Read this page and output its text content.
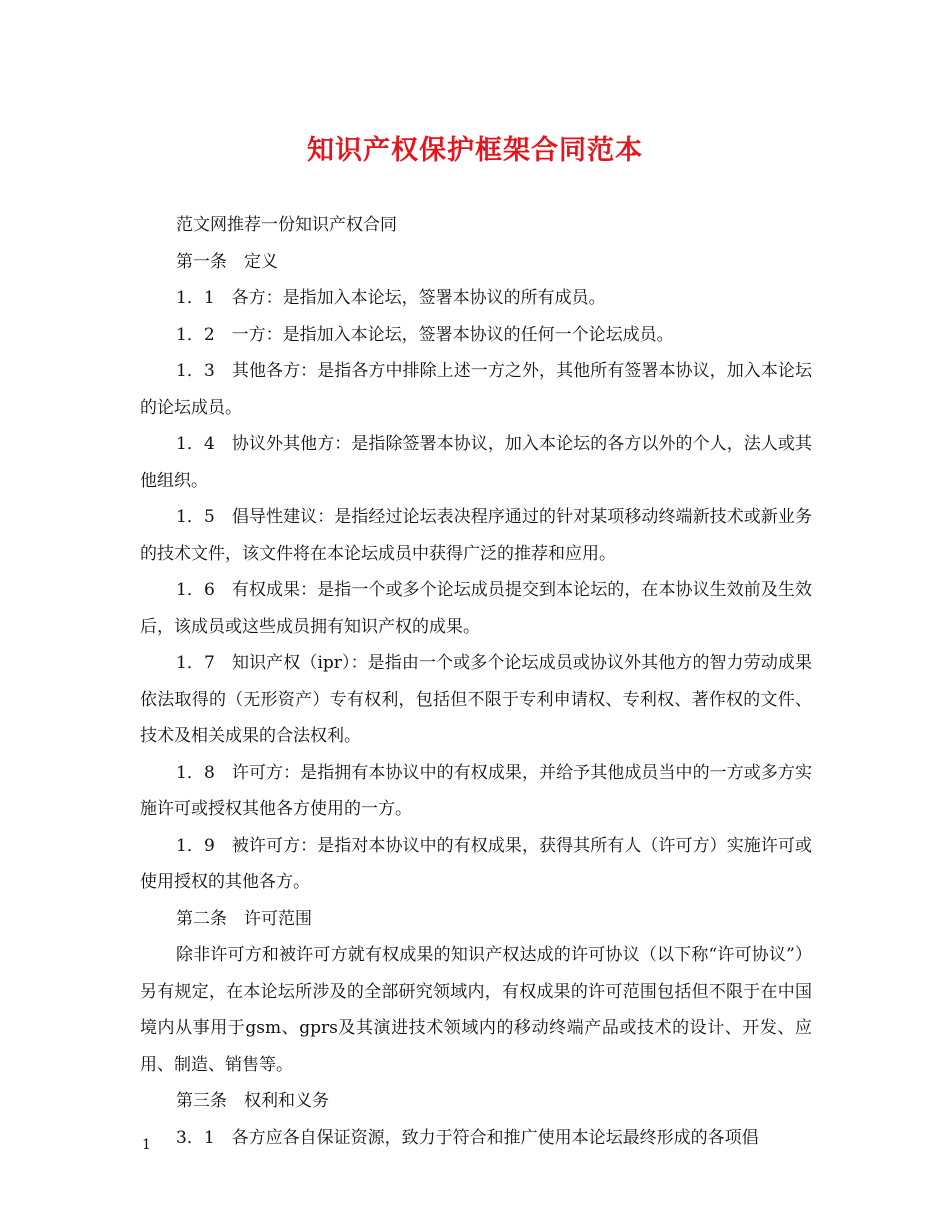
知识产权保护框架合同范本

范文网推荐一份知识产权合同

第一条　定义

1．1　各方：是指加入本论坛，签署本协议的所有成员。

1．2　一方：是指加入本论坛，签署本协议的任何一个论坛成员。

1．3　其他各方：是指各方中排除上述一方之外，其他所有签署本协议，加入本论坛的论坛成员。

1．4　协议外其他方：是指除签署本协议，加入本论坛的各方以外的个人，法人或其他组织。

1．5　倡导性建议：是指经过论坛表决程序通过的针对某项移动终端新技术或新业务的技术文件，该文件将在本论坛成员中获得广泛的推荐和应用。

1．6　有权成果：是指一个或多个论坛成员提交到本论坛的，在本协议生效前及生效后，该成员或这些成员拥有知识产权的成果。

1．7　知识产权（ipr）：是指由一个或多个论坛成员或协议外其他方的智力劳动成果依法取得的（无形资产）专有权利，包括但不限于专利申请权、专利权、著作权的文件、技术及相关成果的合法权利。

1．8　许可方：是指拥有本协议中的有权成果，并给予其他成员当中的一方或多方实施许可或授权其他各方使用的一方。

1．9　被许可方：是指对本协议中的有权成果，获得其所有人（许可方）实施许可或使用授权的其他各方。

第二条　许可范围

除非许可方和被许可方就有权成果的知识产权达成的许可协议（以下称“许可协议”）另有规定，在本论坛所涉及的全部研究领域内，有权成果的许可范围包括但不限于在中国境内从事用于gsm、gprs及其演进技术领域内的移动终端产品或技术的设计、开发、应用、制造、销售等。

第三条　权利和义务

3．1　各方应各自保证资源，致力于符合和推广使用本论坛最终形成的各项倡

1
